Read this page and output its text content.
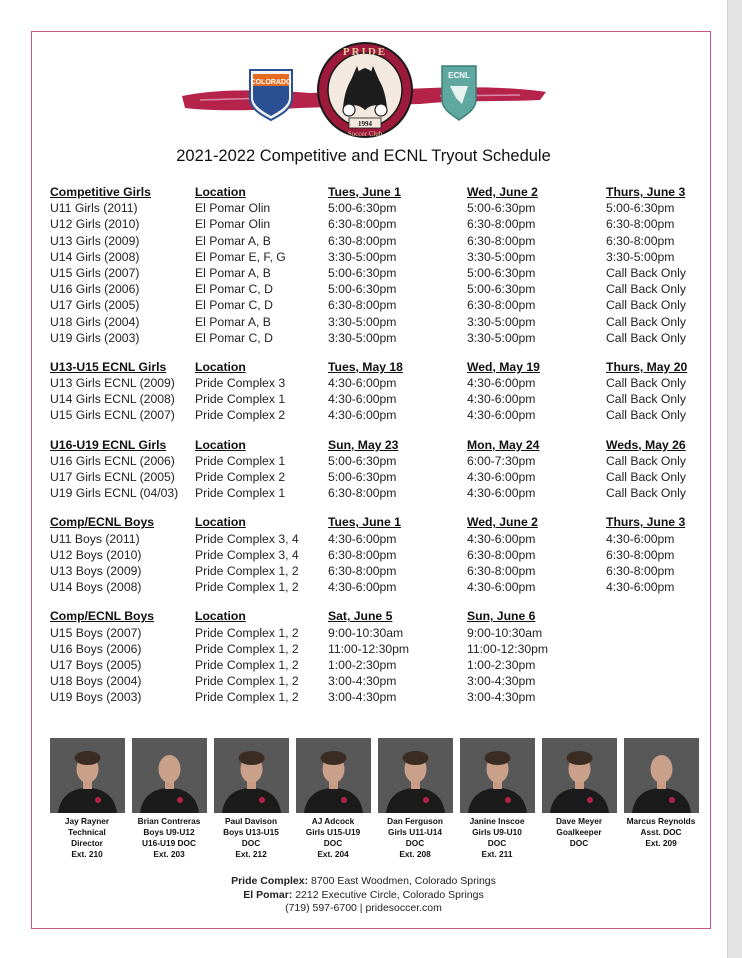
COLORADO
PRIDE
1994
Soccer Club
ECNL
2021-2022 Competitive and ECNL Tryout Schedule
Competitive Girls	Location	Tues, June 1	Wed, June 2	Thurs, June 3
U11 Girls (2011)	El Pomar Olin	5:00-6:30pm	5:00-6:30pm	5:00-6:30pm
U12 Girls (2010)	El Pomar Olin	6:30-8:00pm	6:30-8:00pm	6:30-8:00pm
U13 Girls (2009)	El Pomar A, B	6:30-8:00pm	6:30-8:00pm	6:30-8:00pm
U14 Girls (2008)	El Pomar E, F, G	3:30-5:00pm	3:30-5:00pm	3:30-5:00pm
U15 Girls (2007)	El Pomar A, B	5:00-6:30pm	5:00-6:30pm	Call Back Only
U16 Girls (2006)	El Pomar C, D	5:00-6:30pm	5:00-6:30pm	Call Back Only
U17 Girls (2005)	El Pomar C, D	6:30-8:00pm	6:30-8:00pm	Call Back Only
U18 Girls (2004)	El Pomar A, B	3:30-5:00pm	3:30-5:00pm	Call Back Only
U19 Girls (2003)	El Pomar C, D	3:30-5:00pm	3:30-5:00pm	Call Back Only
U13-U15 ECNL Girls	Location	Tues, May 18	Wed, May 19	Thurs, May 20
U13 Girls ECNL (2009)	Pride Complex 3	4:30-6:00pm	4:30-6:00pm	Call Back Only
U14 Girls ECNL (2008)	Pride Complex 1	4:30-6:00pm	4:30-6:00pm	Call Back Only
U15 Girls ECNL (2007)	Pride Complex 2	4:30-6:00pm	4:30-6:00pm	Call Back Only
U16-U19 ECNL Girls	Location	Sun, May 23	Mon, May 24	Weds, May 26
U16 Girls ECNL (2006)	Pride Complex 1	5:00-6:30pm	6:00-7:30pm	Call Back Only
U17 Girls ECNL (2005)	Pride Complex 2	5:00-6:30pm	4:30-6:00pm	Call Back Only
U19 Girls ECNL (04/03)	Pride Complex 1	6:30-8:00pm	4:30-6:00pm	Call Back Only
Comp/ECNL Boys	Location	Tues, June 1	Wed, June 2	Thurs, June 3
U11 Boys (2011)	Pride Complex 3, 4	4:30-6:00pm	4:30-6:00pm	4:30-6:00pm
U12 Boys (2010)	Pride Complex 3, 4	6:30-8:00pm	6:30-8:00pm	6:30-8:00pm
U13 Boys (2009)	Pride Complex 1, 2	6:30-8:00pm	6:30-8:00pm	6:30-8:00pm
U14 Boys (2008)	Pride Complex 1, 2	4:30-6:00pm	4:30-6:00pm	4:30-6:00pm
Comp/ECNL Boys	Location	Sat, June 5	Sun, June 6
U15 Boys (2007)	Pride Complex 1, 2	9:00-10:30am	9:00-10:30am
U16 Boys (2006)	Pride Complex 1, 2	11:00-12:30pm	11:00-12:30pm
U17 Boys (2005)	Pride Complex 1, 2	1:00-2:30pm	1:00-2:30pm
U18 Boys (2004)	Pride Complex 1, 2	3:00-4:30pm	3:00-4:30pm
U19 Boys (2003)	Pride Complex 1, 2	3:00-4:30pm	3:00-4:30pm
Jay Rayner
Technical
Director
Ext. 210
Brian Contreras
Boys U9-U12
U16-U19 DOC
Ext. 203
Paul Davison
Boys U13-U15
DOC
Ext. 212
AJ Adcock
Girls U15-U19
DOC
Ext. 204
Dan Ferguson
Girls U11-U14
DOC
Ext. 208
Janine Inscoe
Girls U9-U10
DOC
Ext. 211
Dave Meyer
Goalkeeper
DOC
Marcus Reynolds
Asst. DOC
Ext. 209
Pride Complex: 8700 East Woodmen, Colorado Springs
El Pomar: 2212 Executive Circle, Colorado Springs
(719) 597-6700 | pridesoccer.com
